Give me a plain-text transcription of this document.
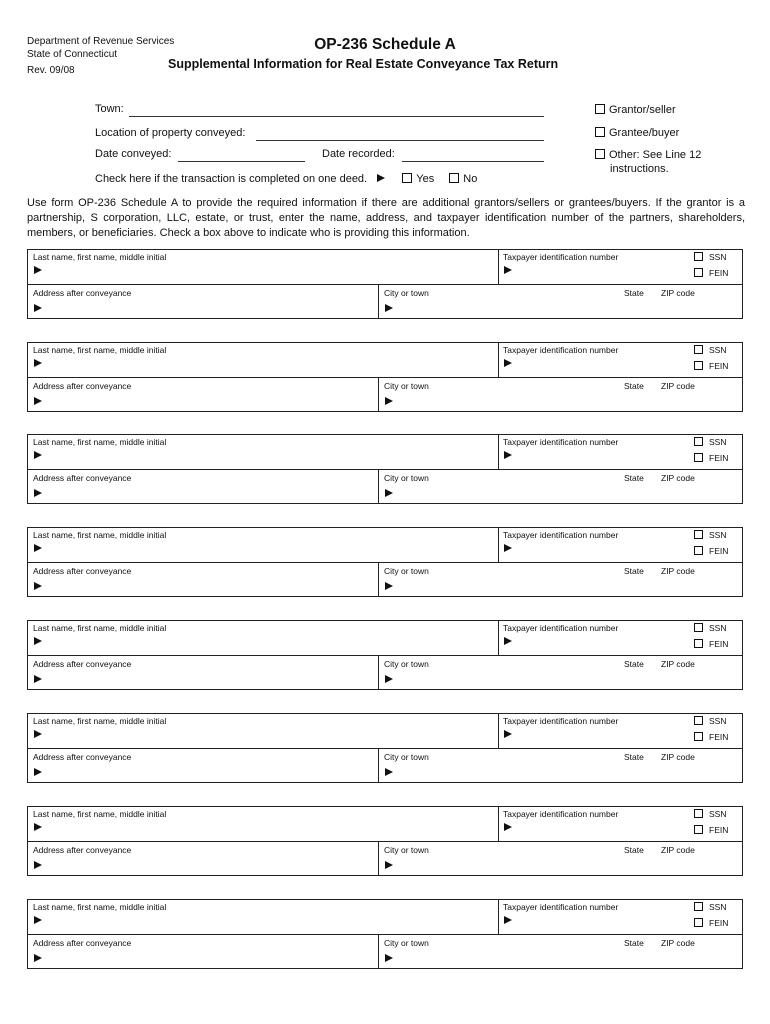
Department of Revenue Services
State of Connecticut
Rev. 09/08
OP-236 Schedule A
Supplemental Information for Real Estate Conveyance Tax Return
Town:
Location of property conveyed:
Date conveyed:	Date recorded:
Check here if the transaction is completed on one deed.	Yes	No
Grantor/seller
Grantee/buyer
Other: See Line 12
instructions.
Use form OP-236 Schedule A to provide the required information if there are additional grantors/sellers or grantees/buyers. If the grantor is a partnership, S corporation, LLC, estate, or trust, enter the name, address, and taxpayer identification number of the partners, shareholders, members, or beneficiaries. Check a box above to indicate who is providing this information.
Last name, first name, middle initial	Taxpayer identification number	SSN
FEIN
Address after conveyance	City or town	State ZIP code
Last name, first name, middle initial	Taxpayer identification number	SSN
FEIN
Address after conveyance	City or town	State ZIP code
Last name, first name, middle initial	Taxpayer identification number	SSN
FEIN
Address after conveyance	City or town	State ZIP code
Last name, first name, middle initial	Taxpayer identification number	SSN
FEIN
Address after conveyance	City or town	State ZIP code
Last name, first name, middle initial	Taxpayer identification number	SSN
FEIN
Address after conveyance	City or town	State ZIP code
Last name, first name, middle initial	Taxpayer identification number	SSN
FEIN
Address after conveyance	City or town	State ZIP code
Last name, first name, middle initial	Taxpayer identification number	SSN
FEIN
Address after conveyance	City or town	State ZIP code
Last name, first name, middle initial	Taxpayer identification number	SSN
FEIN
Address after conveyance	City or town	State ZIP code
